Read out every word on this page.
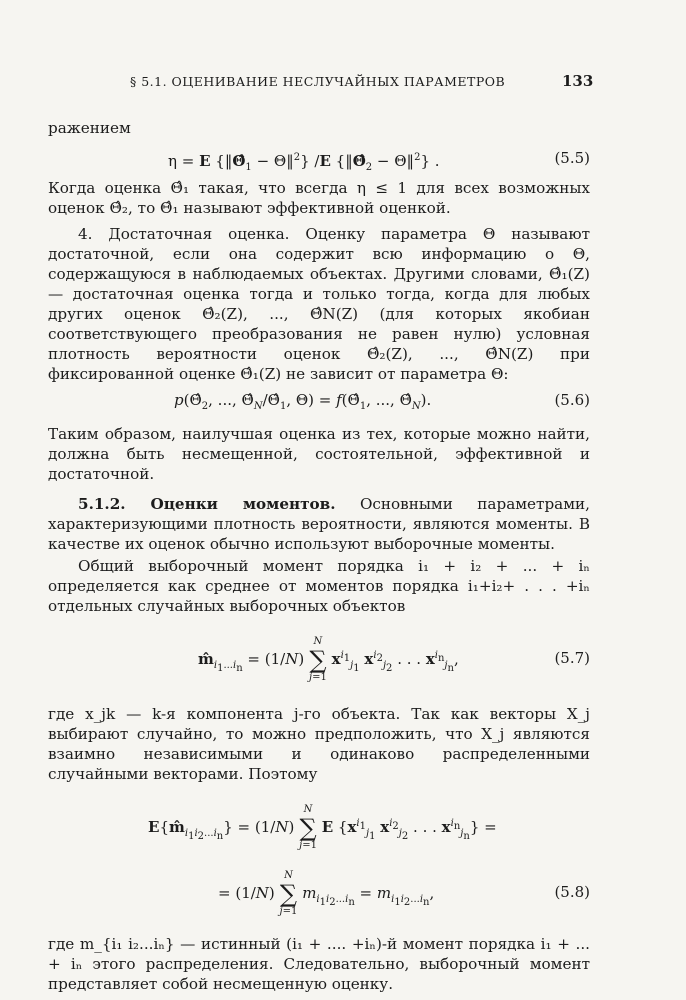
§ 5.1. ОЦЕНИВАНИЕ НЕСЛУЧАЙНЫХ ПАРАМЕТРОВ	133

ражением

η = E {$‖\Thetâ_1$ − Θ‖$^2$} /E {$‖\Thetâ_2$ − Θ‖$^2$} .	(5.5)

Когда оценка Θ̂₁ такая, что всегда η ≤ 1 для всех возможных оценок Θ̂₂, то Θ̂₁ называют эффективной оценкой.

4. Достаточная оценка. Оценку параметра Θ называют достаточной, если она содержит всю информацию о Θ, содержащуюся в наблюдаемых объектах. Другими словами, Θ̂₁(Z) — достаточная оценка тогда и только тогда, когда для любых других оценок Θ̂₂(Z), ..., Θ̂N(Z) (для которых якобиан соответствующего преобразования не равен нулю) условная плотность вероятности оценок Θ̂₂(Z), ..., Θ̂N(Z) при фиксированной оценке Θ̂₁(Z) не зависит от параметра Θ:

$p(\Thetâ_2$, ..., $\Thetâ_N/\Thetâ_1$, $\Theta) = f(\Thetâ_1$, ..., $\Thetâ_N$).	(5.6)

Таким образом, наилучшая оценка из тех, которые можно найти, должна быть несмещенной, состоятельной, эффективной и достаточной.

5.1.2. Оценки моментов. Основными параметрами, характеризующими плотность вероятности, являются моменты. В качестве их оценок обычно используют выборочные моменты.

Общий выборочный момент порядка i₁ + i₂ + ... + iₙ определяется как среднее от моментов порядка i₁+i₂+ . . . +iₙ отдельных случайных выборочных объектов

$m̂_{i_1...i_n} = (1/N)$
N
∑
j=1
$x^{i_1}_{j_1}$ $x^{i_2}_{j_2}$ . . . $x^{i_n}_{j_n}$,	(5.7)

где x_jk — k-я компонента j-го объекта. Так как векторы X_j выбирают случайно, то можно предположить, что X_j являются взаимно независимыми и одинаково распределенными случайными векторами. Поэтому

$E\{m̂_{i_1i_2...i_n}\} = (1/N)$
N
∑
j=1
E {$x^{i_1}_{j_1}$ $x^{i_2}_{j_2}$ . . . $x^{i_n}_{j_n}$} =
= (1/N)
N
∑
j=1
$m_{i_1i_2...i_n} = m_{i_1i_2...i_n}$,	(5.8)

где m_{i₁ i₂...iₙ} — истинный (i₁ + .... +iₙ)-й момент порядка i₁ + ... + iₙ этого распределения. Следовательно, выборочный момент представляет собой несмещенную оценку.
